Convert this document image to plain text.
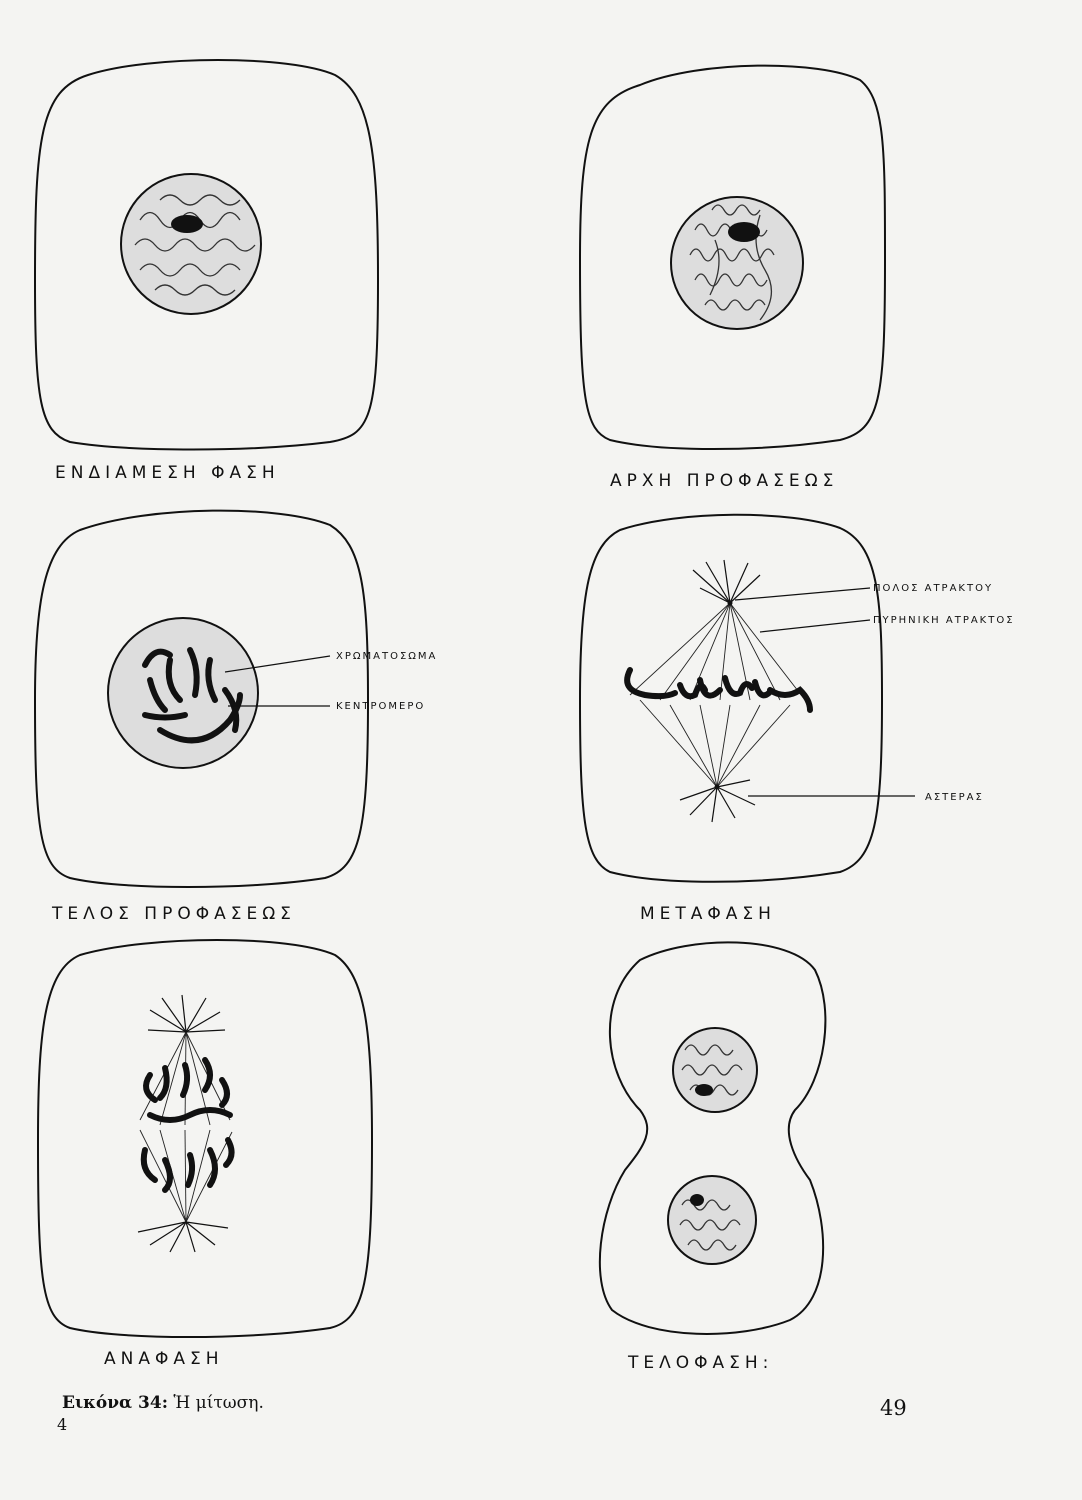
ΕΝΔΙΑΜΕΣΗ ΦΑΣΗ	ΑΡΧΗ ΠΡΟΦΑΣΕΩΣ
ΧΡΩΜΑΤΟΣΩΜΑ
ΚΕΝΤΡΟΜΕΡΟ
ΤΕΛΟΣ ΠΡΟΦΑΣΕΩΣ
ΠΟΛΟΣ ΑΤΡΑΚΤΟΥ
ΠΥΡΗΝΙΚΗ ΑΤΡΑΚΤΟΣ
ΑΣΤΕΡΑΣ
ΜΕΤΑΦΑΣΗ
ΑΝΑΦΑΣΗ	ΤΕΛΟΦΑΣΗ:
Εικόνα 34: Ἡ μίτωση.	49
4
